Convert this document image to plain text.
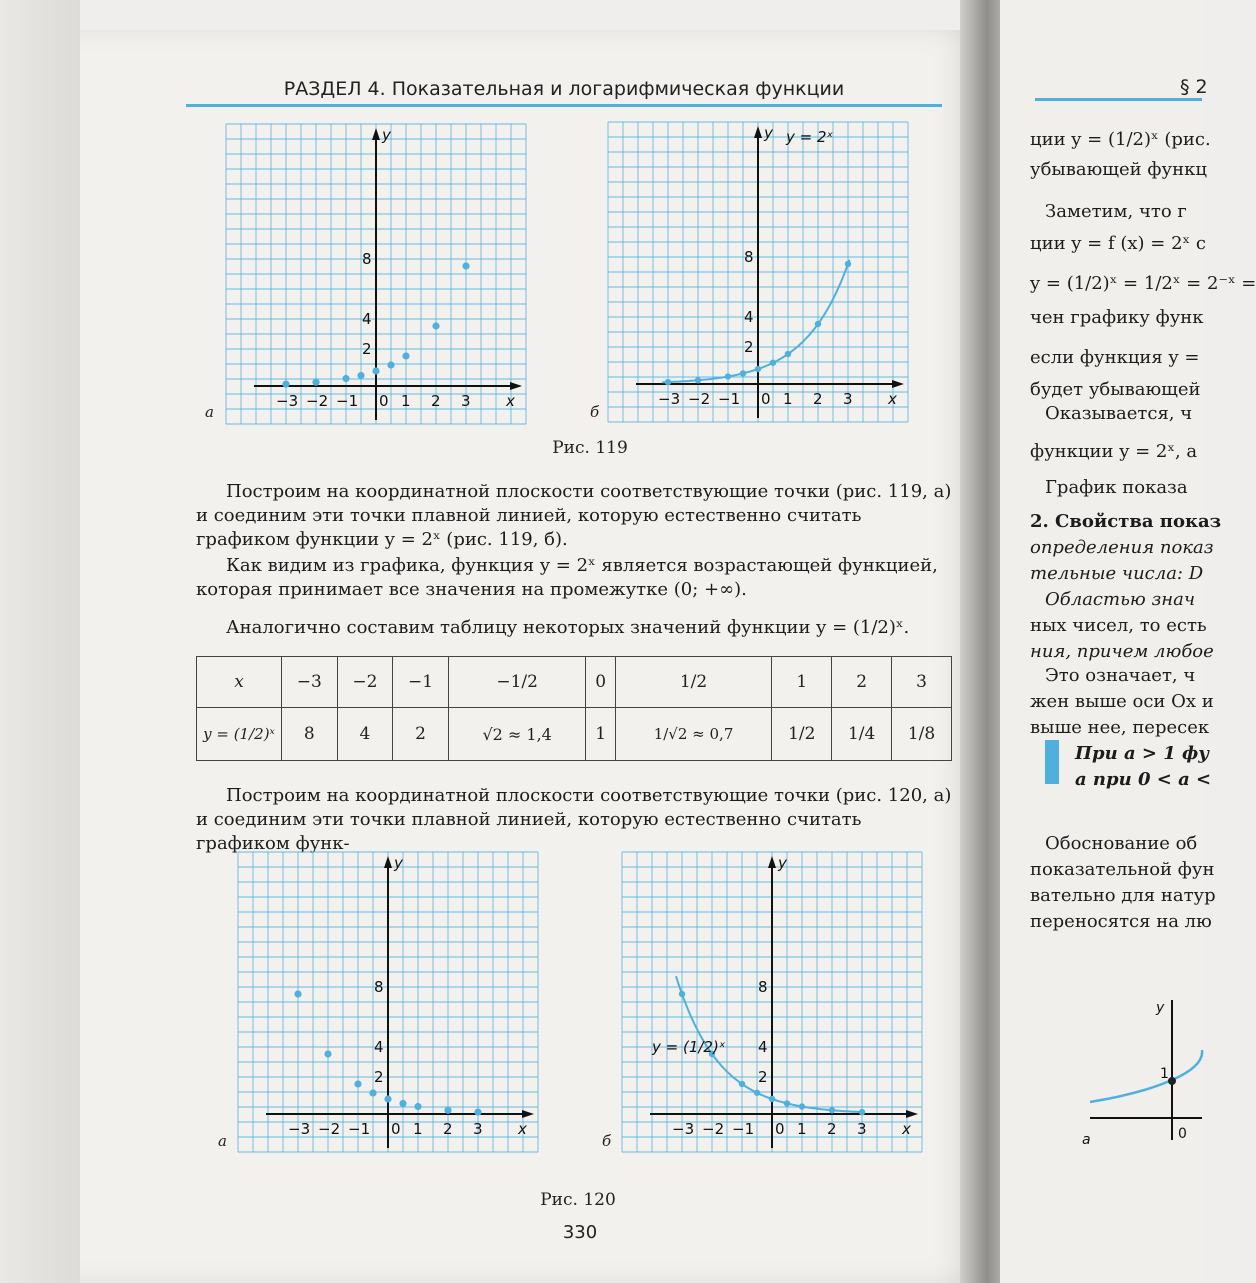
РАЗДЕЛ 4. Показательная и логарифмическая функции
−3 −2 −1 0 1 2 3
2
4
8
y
x
а
−3 −2 −1 0 1 2 3
2
4
8
y
x
y = 2ˣ
б
Рис. 119
Построим на координатной плоскости соответствующие точки (рис. 119, а) и соединим эти точки плавной линией, которую естественно считать графиком функции y = 2ˣ (рис. 119, б).
Как видим из графика, функция y = 2ˣ является возрастающей функцией, которая принимает все значения на промежутке (0; +∞).
Аналогично составим таблицу некоторых значений функции y = (1/2)ˣ.
x	−3	−2	−1	−1/2	0	1/2	1	2	3
y = (1/2)ˣ	8	4	2	√2 ≈ 1,4	1	1/√2 ≈ 0,7	1/2	1/4	1/8
Построим на координатной плоскости соответствующие точки (рис. 120, а) и соединим эти точки плавной линией, которую естественно считать графиком функ-
−3 −2 −1 0 1 2 3
2
4
8
y
x
а
−3 −2 −1 0 1 2 3
2
4
8
y
x
y = (1/2)ˣ
б
Рис. 120
330
§ 2
ции y = (1/2)ˣ (рис.
убывающей функц
Заметим, что г
ции y = f (x) = 2ˣ с
y = (1/2)ˣ = 1/2ˣ = 2⁻ˣ =
чен графику функ
если функция y =
будет убывающей
Оказывается, ч
функции y = 2ˣ, а
График показа
2. Свойства показ
определения показ
тельные числа: D
Областью знач
ных чисел, то есть
ния, причем любое
Это означает, ч
жен выше оси Ox и
выше нее, пересек
При a > 1 фу
а при 0 < a <
Обоснование об
показательной фун
вательно для натур
переносятся на лю
y
1
0
а
